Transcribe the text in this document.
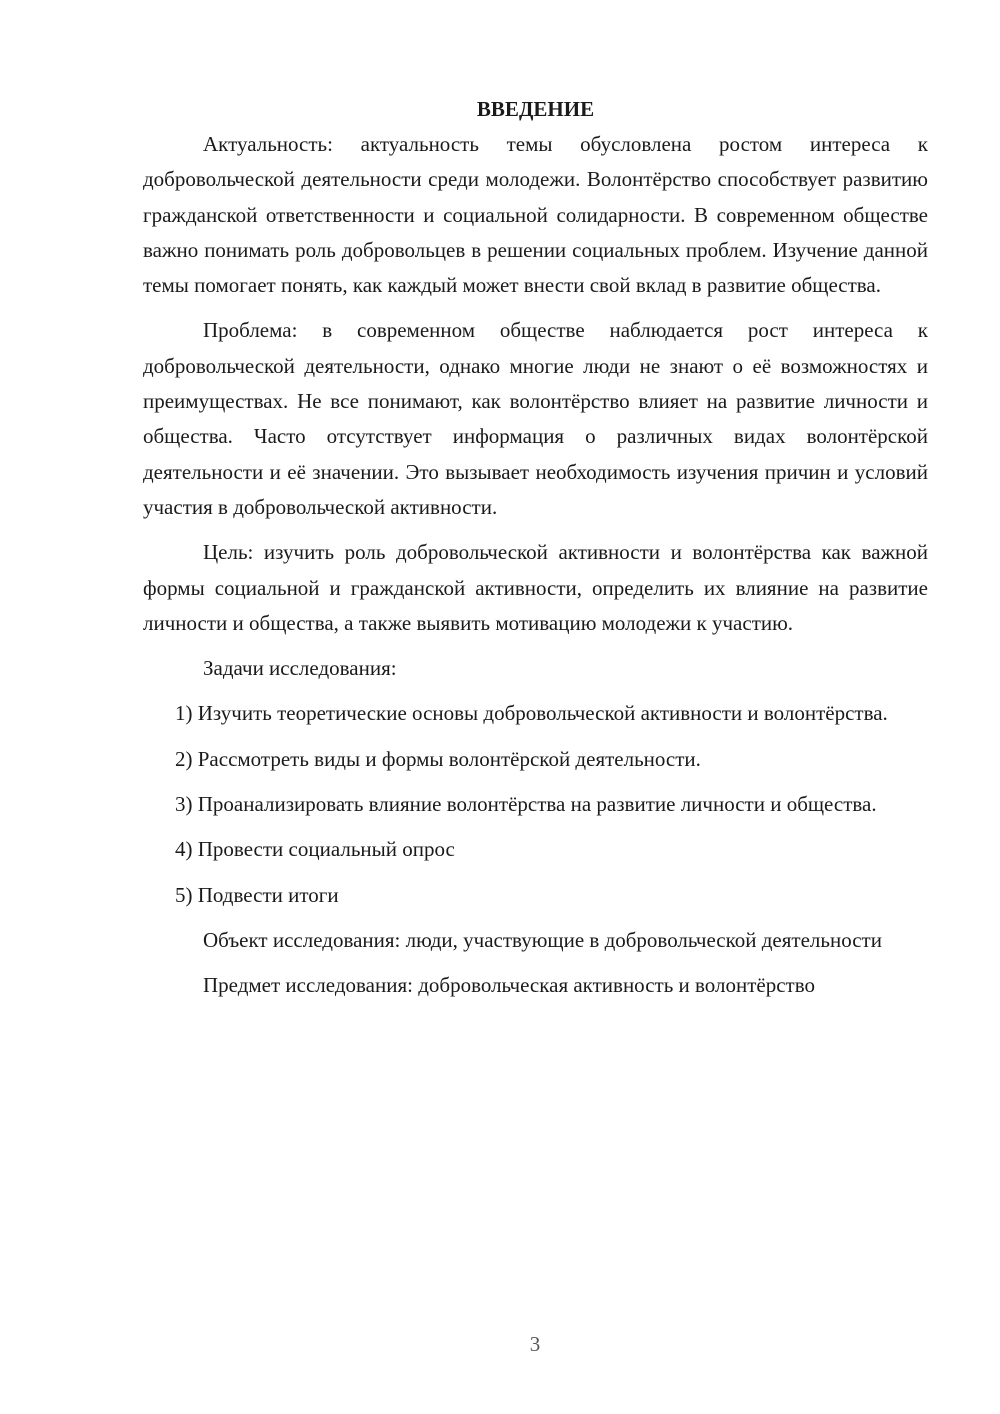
ВВЕДЕНИЕ

Актуальность: актуальность темы обусловлена ростом интереса к добровольческой деятельности среди молодежи. Волонтёрство способствует развитию гражданской ответственности и социальной солидарности. В современном обществе важно понимать роль добровольцев в решении социальных проблем. Изучение данной темы помогает понять, как каждый может внести свой вклад в развитие общества.

Проблема: в современном обществе наблюдается рост интереса к добровольческой деятельности, однако многие люди не знают о её возможностях и преимуществах. Не все понимают, как волонтёрство влияет на развитие личности и общества. Часто отсутствует информация о различных видах волонтёрской деятельности и её значении. Это вызывает необходимость изучения причин и условий участия в добровольческой активности.

Цель: изучить роль добровольческой активности и волонтёрства как важной формы социальной и гражданской активности, определить их влияние на развитие личности и общества, а также выявить мотивацию молодежи к участию.

Задачи исследования:

1) Изучить теоретические основы добровольческой активности и волонтёрства.

2) Рассмотреть виды и формы волонтёрской деятельности.

3) Проанализировать влияние волонтёрства на развитие личности и общества.

4) Провести социальный опрос

5) Подвести итоги

Объект исследования: люди, участвующие в добровольческой деятельности

Предмет исследования: добровольческая активность и волонтёрство

3
